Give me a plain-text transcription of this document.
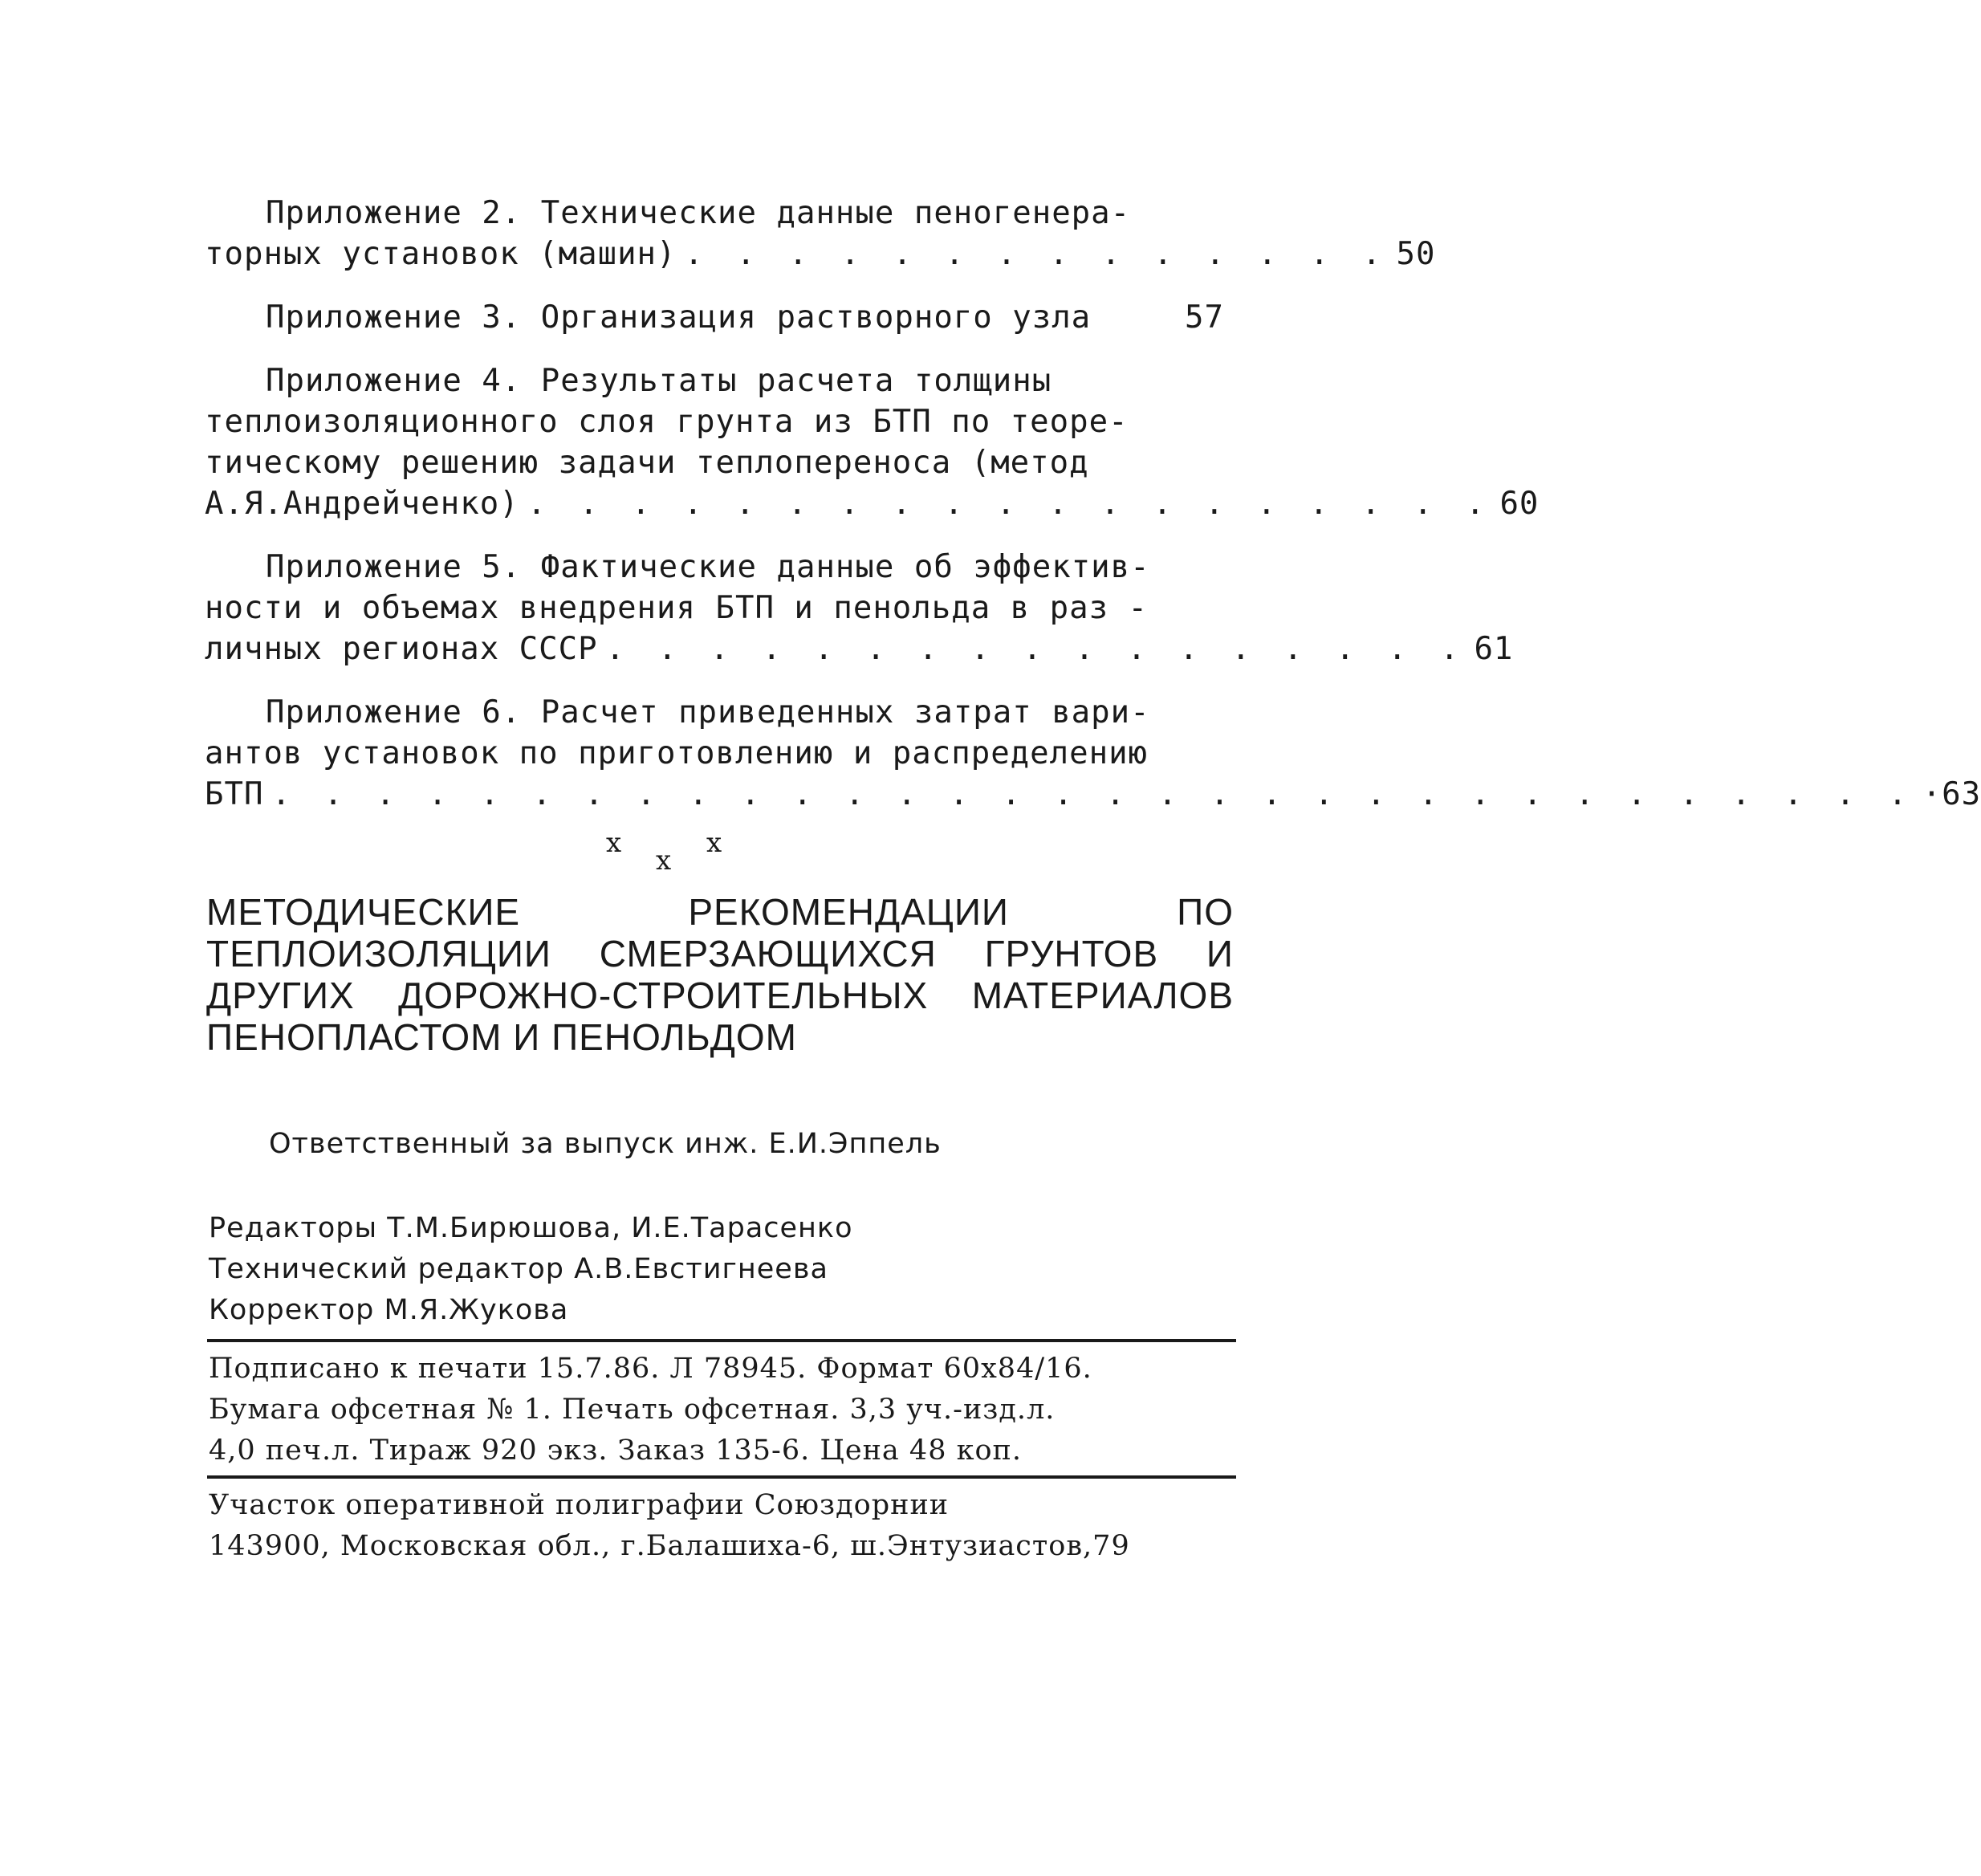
Приложение 2. Технические данные пеногенера-
торных установок (машин) . . . . . . . . . . . . . . 50
Приложение 3. Организация растворного узла	57
Приложение 4. Результаты расчета толщины
теплоизоляционного слоя грунта из БТП по теоре-
тическому решению задачи теплопереноса (метод
А.Я.Андрейченко) . . . . . . . . . . . . . . . . . . . 60
Приложение 5. Фактические данные об эффектив-
ности и объемах внедрения БТП и пенольда в раз -
личных регионах СССР . . . . . . . . . . . . . . . . . 61
Приложение 6. Расчет приведенных затрат вари-
антов установок по приготовлению и распределению
БТП . . . . . . . . . . . . . . . . . . . . . . . . . . . . . . . . ·63
x
x
x
МЕТОДИЧЕСКИЕ РЕКОМЕНДАЦИИ ПО ТЕПЛОИЗОЛЯЦИИ СМЕРЗАЮЩИХСЯ ГРУНТОВ И ДРУГИХ ДОРОЖНО-СТРОИТЕЛЬНЫХ МАТЕРИАЛОВ ПЕНОПЛАСТОМ И ПЕНОЛЬДОМ
Ответственный за выпуск инж. Е.И.Эппель
Редакторы Т.М.Бирюшова, И.Е.Тарасенко
Технический редактор А.В.Евстигнеева
Корректор М.Я.Жукова
Подписано к печати 15.7.86. Л 78945. Формат 60х84/16.
Бумага офсетная № 1. Печать офсетная. 3,3 уч.-изд.л.
4,0 печ.л. Тираж 920 экз. Заказ 135-6. Цена 48 коп.
Участок оперативной полиграфии Союздорнии
143900, Московская обл., г.Балашиха-6, ш.Энтузиастов,79
